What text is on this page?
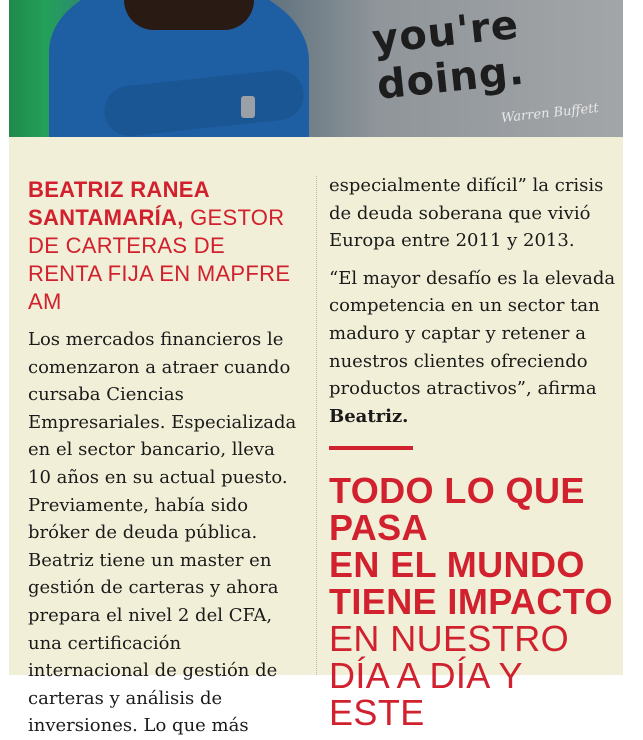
you're doing.
Warren Buffett

BEATRIZ RANEA SANTAMARÍA, GESTOR DE CARTERAS DE RENTA FIJA EN MAPFRE AM

Los mercados financieros le comenzaron a atraer cuando cursaba Ciencias Empresariales. Especializada en el sector bancario, lleva 10 años en su actual puesto. Previamente, había sido bróker de deuda pública. Beatriz tiene un master en gestión de carteras y ahora prepara el nivel 2 del CFA, una certificación internacional de gestión de carteras y análisis de inversiones. Lo que más

especialmente difícil” la crisis de deuda soberana que vivió Europa entre 2011 y 2013.

“El mayor desafío es la elevada competencia en un sector tan maduro y captar y retener a nuestros clientes ofreciendo productos atractivos”, afirma Beatriz.

TODO LO QUE PASA
EN EL MUNDO
TIENE IMPACTO
EN NUESTRO
DÍA A DÍA Y ESTE
